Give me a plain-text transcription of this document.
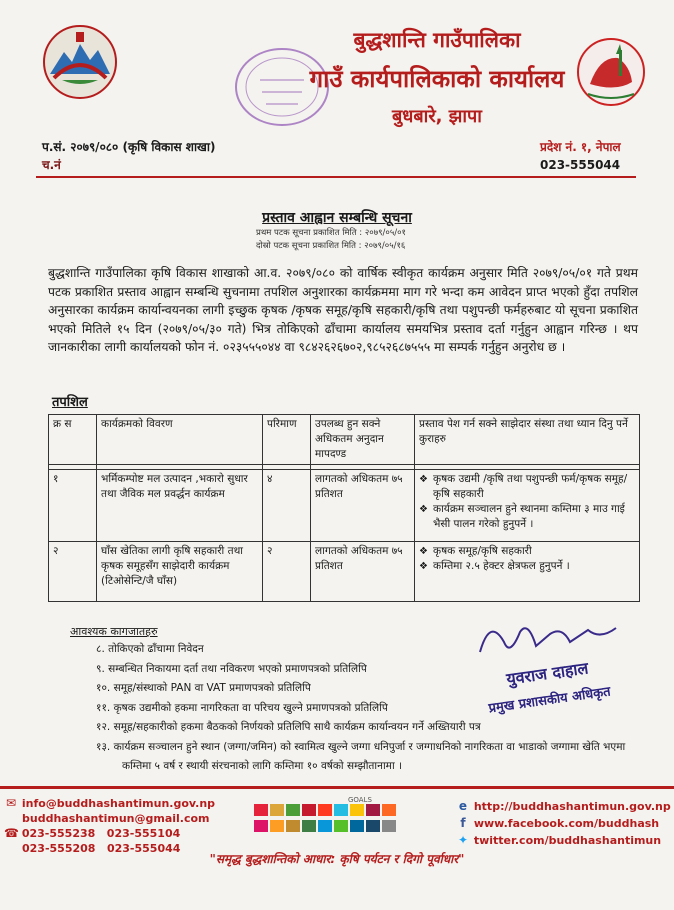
बुद्धशान्ति गाउँपालिका
गाउँ कार्यपालिकाको कार्यालय
बुधबारे, झापा
प.सं. २०७९/०८० (कृषि विकास शाखा)
च.नं
प्रदेश नं. १, नेपाल
023-555044
प्रस्ताव आह्वान सम्बन्धि सूचना
प्रथम पटक सूचना प्रकाशित मिति : २०७९/०५/०१
दोस्रो पटक सूचना प्रकाशित मिति : २०७९/०५/१६
बुद्धशान्ति गाउँपालिका कृषि विकास शाखाको आ.व. २०७९/०८० को वार्षिक स्वीकृत कार्यक्रम अनुसार मिति २०७९/०५/०१ गते प्रथम पटक प्रकाशित प्रस्ताव आह्वान सम्बन्धि सुचनामा तपशिल अनुशारका कार्यक्रममा माग गरे भन्दा कम आवेदन प्राप्त भएको हुँदा तपशिल अनुसारका कार्यक्रम कार्यान्वयनका लागी इच्छुक कृषक /कृषक समूह/कृषि सहकारी/कृषि तथा पशुपन्छी फर्महरुबाट यो सूचना प्रकाशित भएको मितिले १५ दिन (२०७९/०५/३० गते) भित्र तोकिएको ढाँचामा कार्यालय समयभित्र प्रस्ताव दर्ता गर्नुहुन आह्वान गरिन्छ । थप जानकारीका लागी कार्यालयको फोन नं. ०२३५५५०४४ वा ९८४२६२६७०२,९८५२६८७५५५ मा सम्पर्क गर्नुहुन अनुरोध छ ।
तपशिल
क्र स	कार्यक्रमको विवरण	परिमाण	उपलब्ध हुन सक्ने अधिकतम अनुदान मापदण्ड	प्रस्ताव पेश गर्न सक्ने साझेदार संस्था तथा ध्यान दिनु पर्ने कुराहरु

१	भर्मिकम्पोष्ट मल उत्पादन ,भकारो सुधार तथा जैविक मल प्रवर्द्धन कार्यक्रम	४	लागतको अधिकतम ७५ प्रतिशत	❖ कृषक उद्यमी /कृषि तथा पशुपन्छी फर्म/कृषक समूह/कृषि सहकारी
❖ कार्यक्रम सञ्चालन हुने स्थानमा कम्तिमा ३ माउ गाई भैसी पालन गरेको हुनुपर्ने ।

२	घाँस खेतिका लागी कृषि सहकारी तथा कृषक समूहसँग साझेदारी कार्यक्रम (टिओसेन्टि/जै घाँस)	२	लागतको अधिकतम ७५ प्रतिशत	❖ कृषक समूह/कृषि सहकारी
❖ कम्तिमा २.५ हेक्टर क्षेत्रफल हुनुपर्ने ।
आवश्यक कागजातहरु
८. तोकिएको ढाँचामा निवेदन
९. सम्बन्धित निकायमा दर्ता तथा नविकरण भएको प्रमाणपत्रको प्रतिलिपि
१०. समूह/संस्थाको PAN वा VAT प्रमाणपत्रको प्रतिलिपि
११. कृषक उद्यमीको हकमा नागरिकता वा परिचय खुल्ने प्रमाणपत्रको प्रतिलिपि
१२. समूह/सहकारीको हकमा बैठकको निर्णयको प्रतिलिपि साथै कार्यक्रम कार्यान्वयन गर्ने अख्तियारी पत्र
१३. कार्यक्रम सञ्चालन हुने स्थान (जग्गा/जमिन) को स्वामित्व खुल्ने जग्गा धनिपुर्जा र जग्गाधनिको नागरिकता वा भाडाको जग्गामा खेति भएमा कम्तिमा ५ वर्ष र स्थायी संरचनाको लागि कम्तिमा १० वर्षको सम्झौतानामा ।
युवराज दाहाल
प्रमुख प्रशासकीय अधिकृत
✉ info@buddhashantimun.gov.np
buddhashantimun@gmail.com
☎ 023-555238 023-555104
023-555208 023-555044
GOALS	e http://buddhashantimun.gov.np
f www.facebook.com/buddhash
✦ twitter.com/buddhashantimun
"समृद्ध बुद्धशान्तिको आधार: कृषि पर्यटन र दिगो पूर्वाधार"
